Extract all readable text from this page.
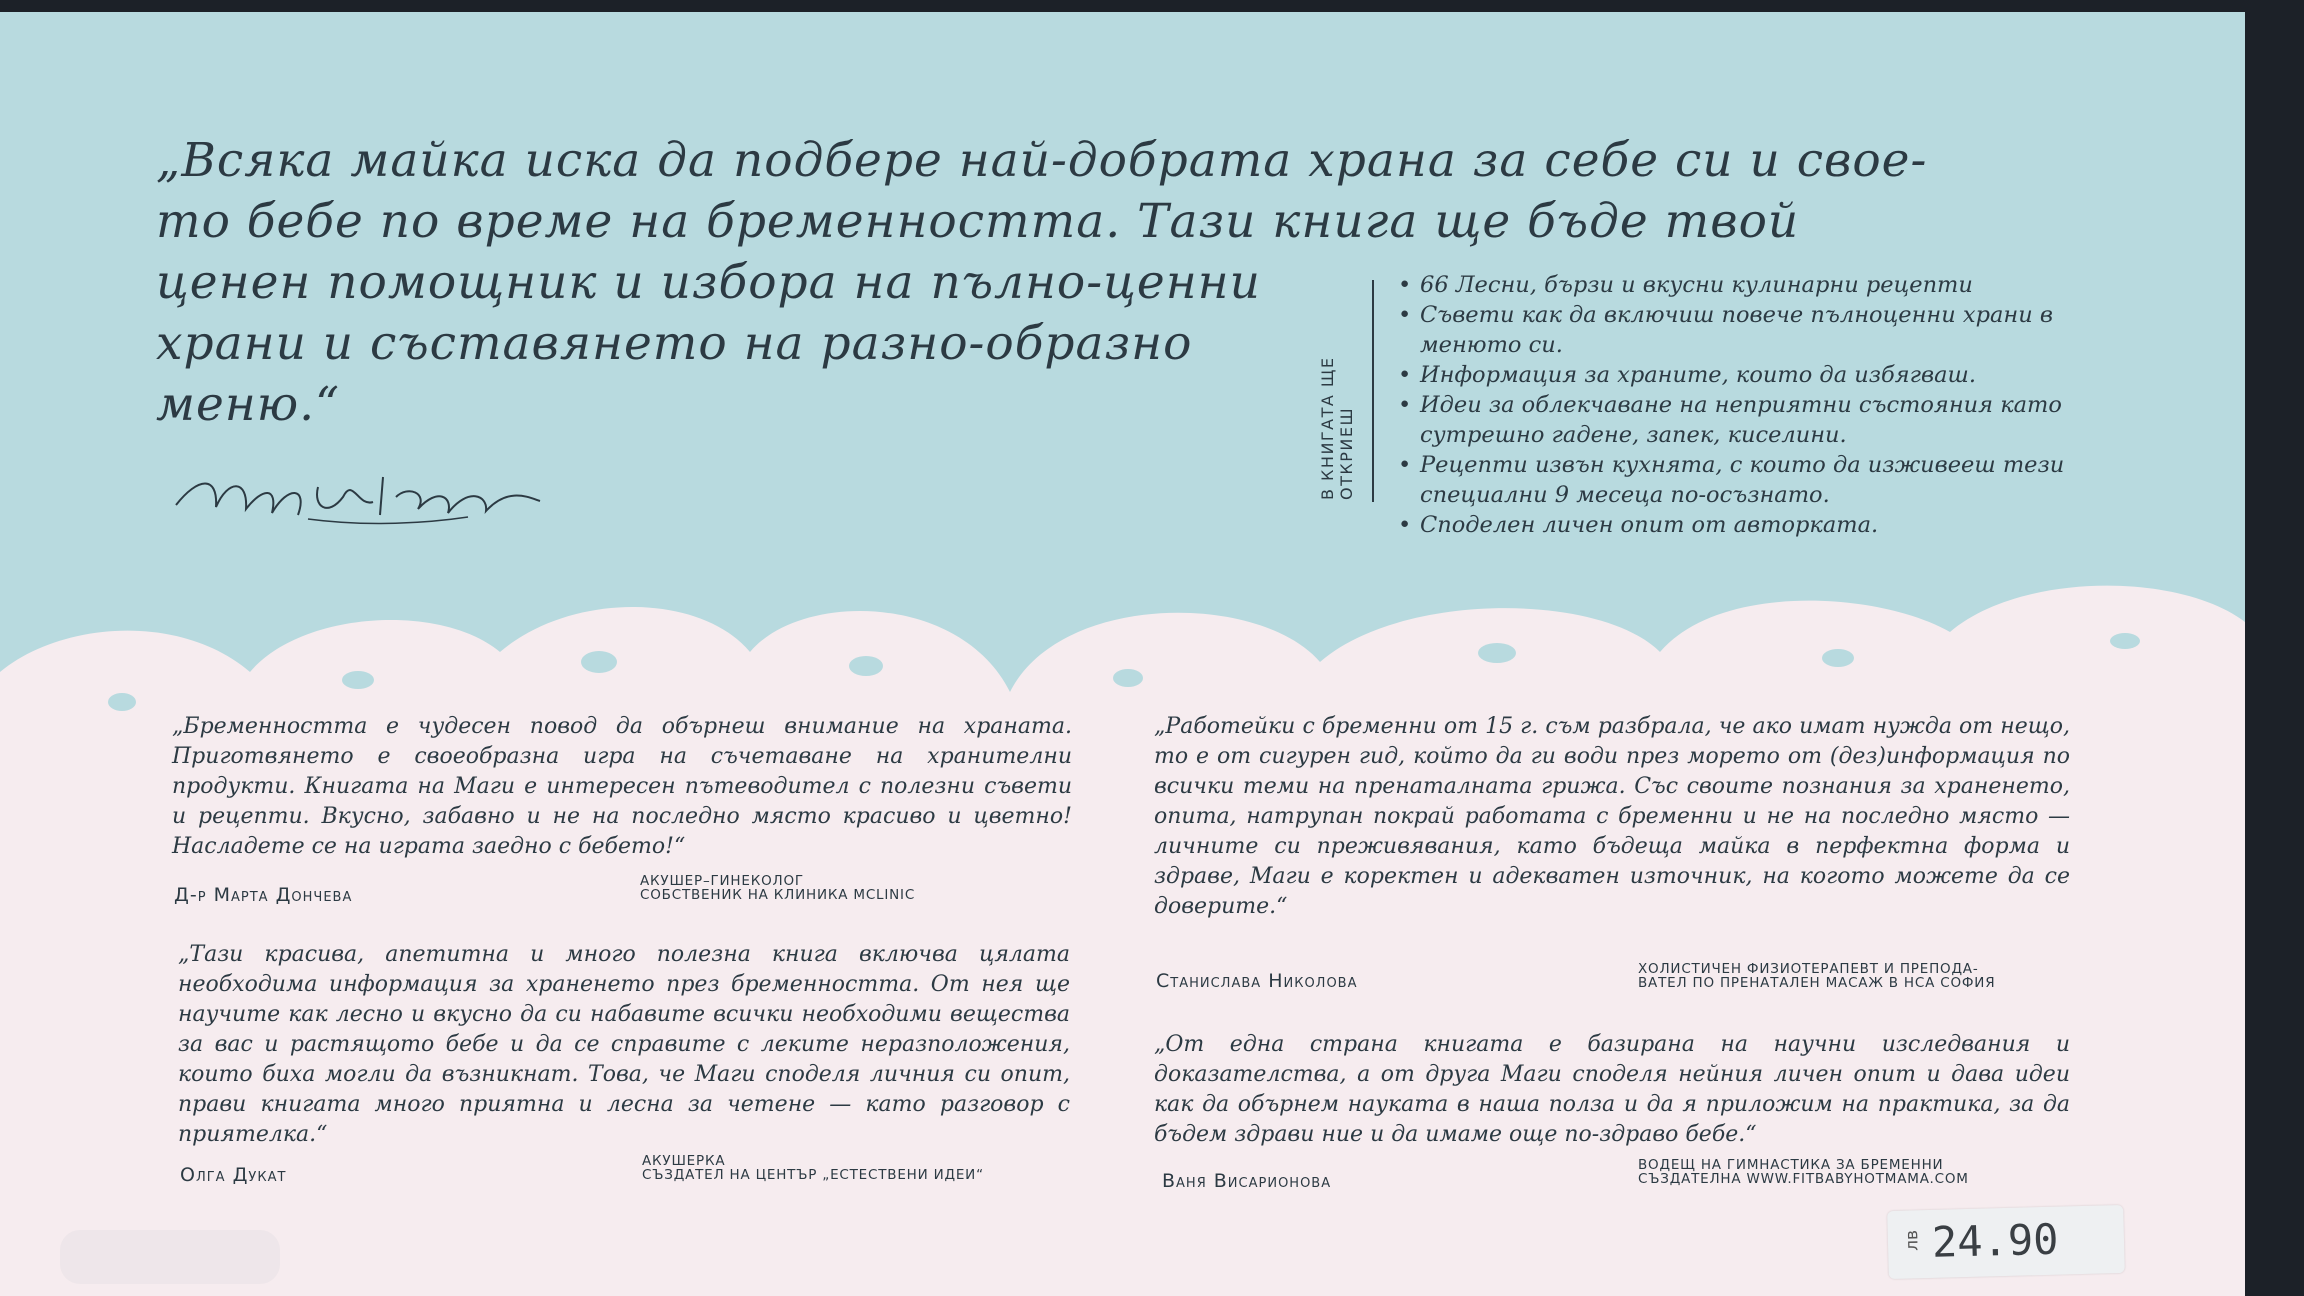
„Всяка майка иска да подбере най-добрата храна за себе си и свое-
то бебе по време на бременността. Тази книга ще бъде твой
ценен помощник и избора на пълно-ценни храни и съставянето на разно-образно меню.“	В КНИГАТА ЩЕ ОТКРИЕШ
• 66 Лесни, бързи и вкусни кулинарни рецепти
• Съвети как да включиш повече пълноценни храни в менюто си.
• Информация за храните, които да избягваш.
• Идеи за облекчаване на неприятни състояния като сутрешно гадене, запек, киселини.
• Рецепти извън кухнята, с които да изживееш тези специални 9 месеца по-осъзнато.
• Споделен личен опит от авторката.
„Бременността е чудесен повод да обърнеш внимание на храната. Приготвянето е своеобразна игра на съчетаване на хранителни продукти. Книгата на Маги е интересен пътеводител с полезни съвети и рецепти. Вкусно, забавно и не на последно място красиво и цветно! Насладете се на играта заедно с бебето!“
Д-р Марта Дончева
АКУШЕР–ГИНЕКОЛОГ
СОБСТВЕНИК НА КЛИНИКА MCLINIC
„Тази красива, апетитна и много полезна книга включва цялата необходима информация за храненето през бременността. От нея ще научите как лесно и вкусно да си набавите всички необходими вещества за вас и растящото бебе и да се справите с леките неразположения, които биха могли да възникнат. Това, че Маги споделя личния си опит, прави книгата много приятна и лесна за четене — като разговор с приятелка.“
Олга Дукат
АКУШЕРКА
СЪЗДАТЕЛ НА ЦЕНТЪР „ЕСТЕСТВЕНИ ИДЕИ“
„Работейки с бременни от 15 г. съм разбрала, че ако имат нужда от нещо, то е от сигурен гид, който да ги води през морето от (дез)информация по всички теми на пренаталната грижа. Със своите познания за храненето, опита, натрупан покрай работата с бременни и не на последно място — личните си преживявания, като бъдеща майка в перфектна форма и здраве, Маги е коректен и адекватен източник, на когото можете да се доверите.“
Станислава Николова
ХОЛИСТИЧЕН ФИЗИОТЕРАПЕВТ И ПРЕПОДА-
ВАТЕЛ ПО ПРЕНАТАЛЕН МАСАЖ В НСА СОФИЯ
„От една страна книгата е базирана на научни изследвания и доказателства, а от друга Маги споделя нейния личен опит и дава идеи как да обърнем науката в наша полза и да я приложим на практика, за да бъдем здрави ние и да имаме още по-здраво бебе.“
Ваня Висарионова
ВОДЕЩ НА ГИМНАСТИКА ЗА БРЕМЕННИ
СЪЗДАТЕЛНА WWW.FITBABYHOTMAMA.COM
лв 24.90
